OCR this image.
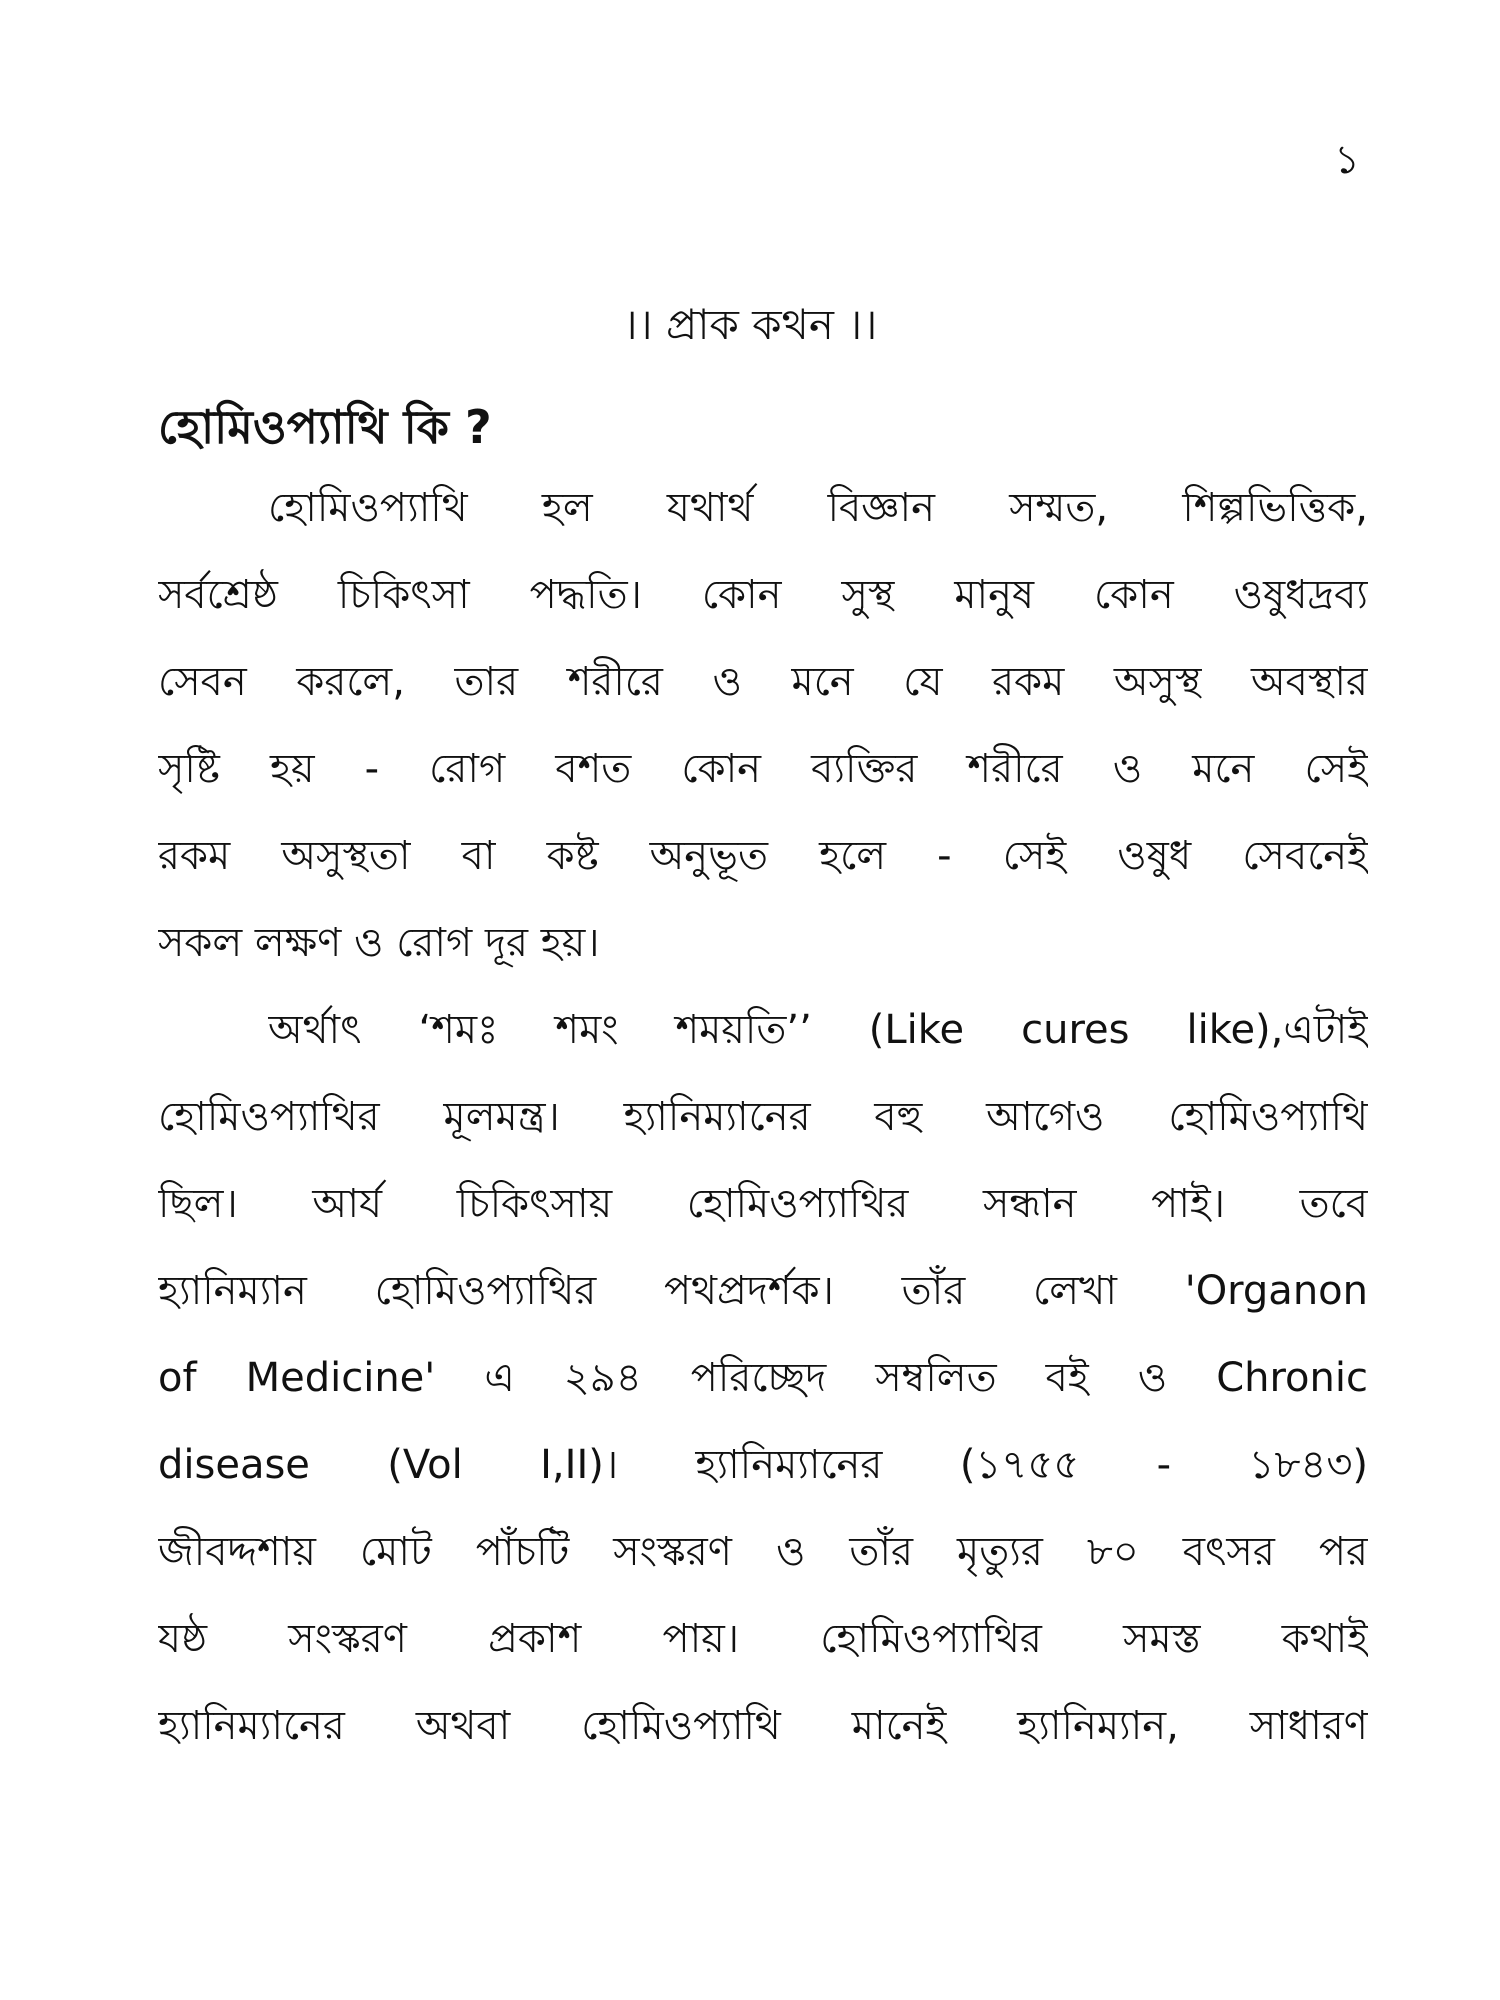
১
।। প্রাক কথন ।।
হোমিওপ্যাথি কি ?
হোমিওপ্যাথি হল যথার্থ বিজ্ঞান সম্মত, শিল্পভিত্তিক,
সর্বশ্রেষ্ঠ চিকিৎসা পদ্ধতি। কোন সুস্থ মানুষ কোন ওষুধদ্রব্য
সেবন করলে, তার শরীরে ও মনে যে রকম অসুস্থ অবস্থার
সৃষ্টি হয় - রোগ বশত কোন ব্যক্তির শরীরে ও মনে সেই
রকম অসুস্থতা বা কষ্ট অনুভূত হলে - সেই ওষুধ সেবনেই
সকল লক্ষণ ও রোগ দূর হয়।
অর্থাৎ ‘শমঃ শমং শময়তি’’ (Like cures like),এটাই
হোমিওপ্যাথির মূলমন্ত্র। হ্যানিম্যানের বহু আগেও হোমিওপ্যাথি
ছিল। আর্য চিকিৎসায় হোমিওপ্যাথির সন্ধান পাই। তবে
হ্যানিম্যান হোমিওপ্যাথির পথপ্রদর্শক। তাঁর লেখা 'Organon
of Medicine' এ ২৯৪ পরিচ্ছেদ সম্বলিত বই ও Chronic
disease (Vol I,II)। হ্যানিম্যানের (১৭৫৫ - ১৮৪৩)
জীবদ্দশায় মোট পাঁচটি সংস্করণ ও তাঁর মৃত্যুর ৮০ বৎসর পর
যষ্ঠ সংস্করণ প্রকাশ পায়। হোমিওপ্যাথির সমস্ত কথাই
হ্যানিম্যানের অথবা হোমিওপ্যাথি মানেই হ্যানিম্যান, সাধারণ
